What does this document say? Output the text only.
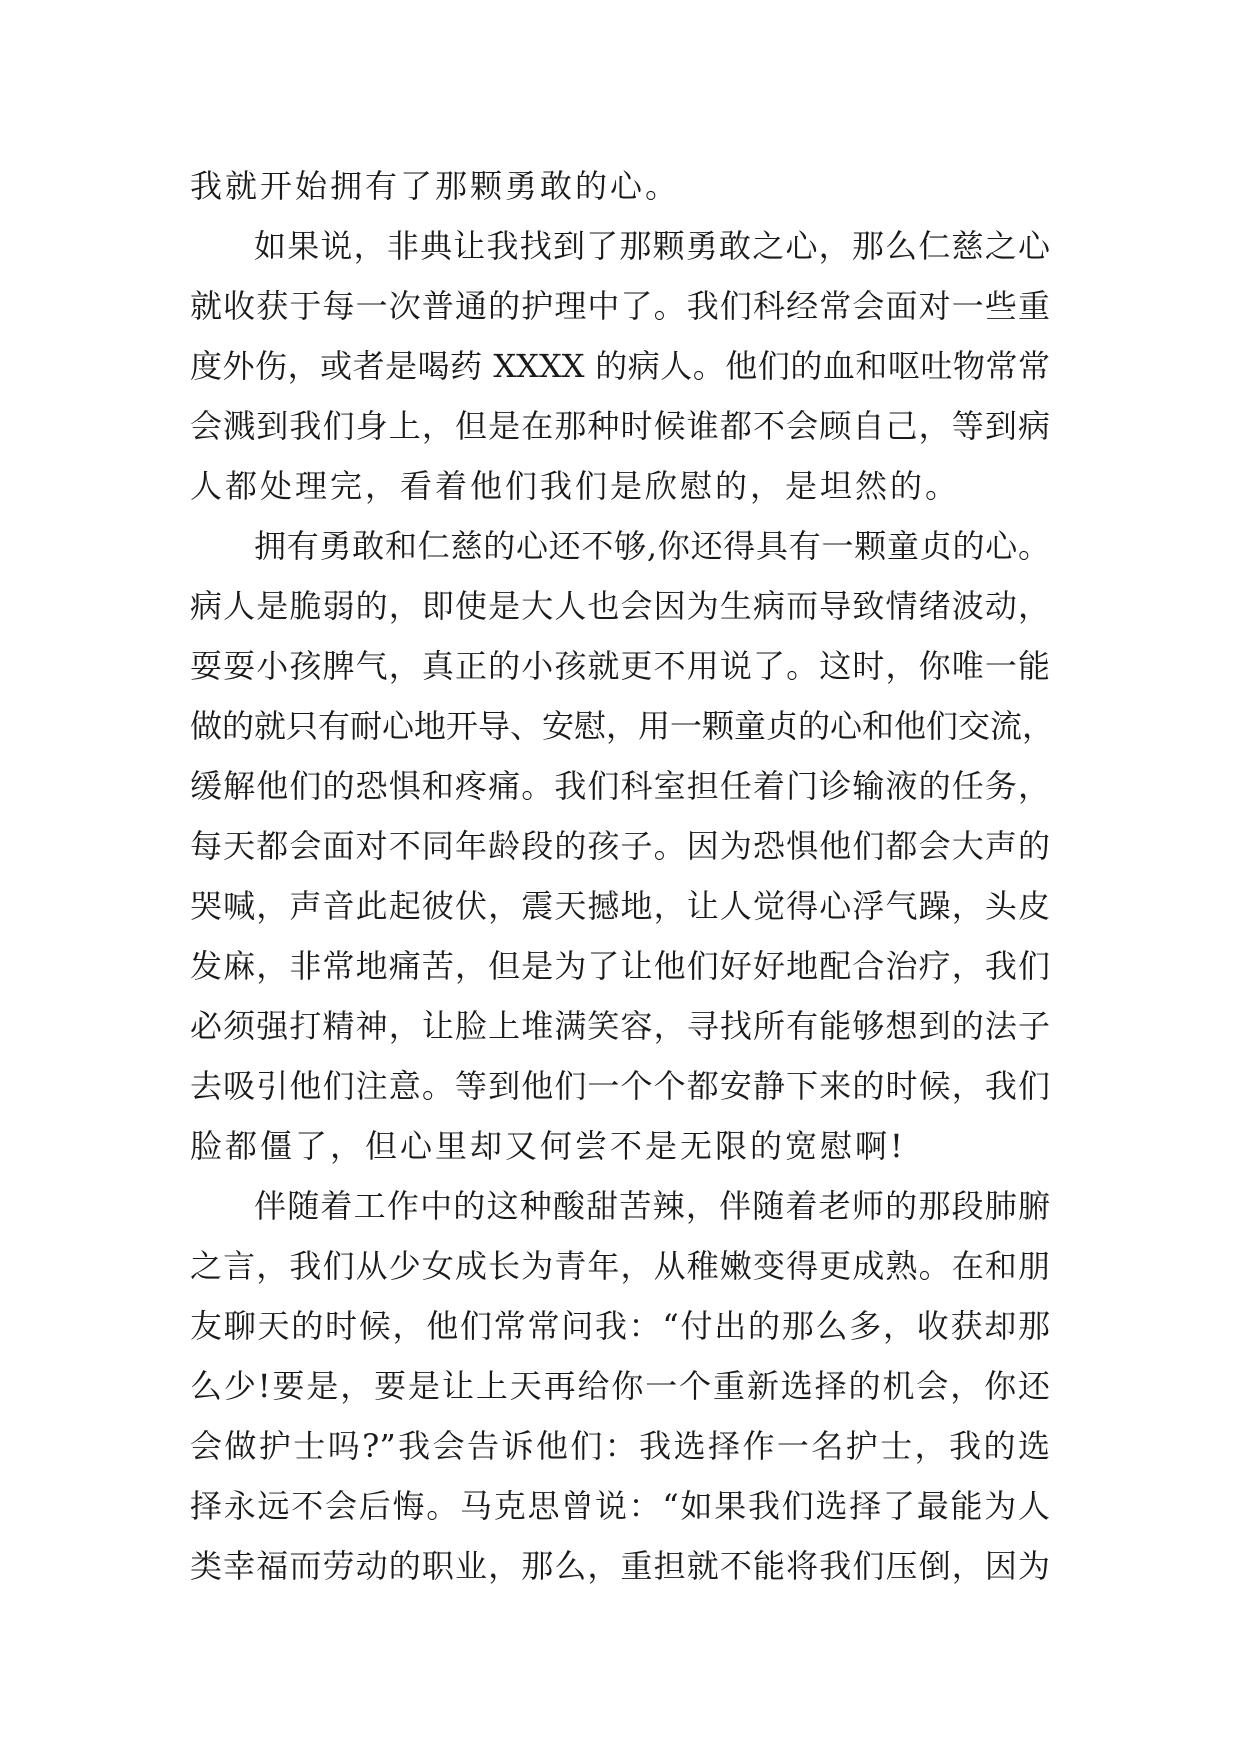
我就开始拥有了那颗勇敢的心。
如果说，非典让我找到了那颗勇敢之心，那么仁慈之心
就收获于每一次普通的护理中了。我们科经常会面对一些重
度外伤，或者是喝药 XXXX 的病人。他们的血和呕吐物常常
会溅到我们身上，但是在那种时候谁都不会顾自己，等到病
人都处理完，看着他们我们是欣慰的，是坦然的。
拥有勇敢和仁慈的心还不够,你还得具有一颗童贞的心。
病人是脆弱的，即使是大人也会因为生病而导致情绪波动，
耍耍小孩脾气，真正的小孩就更不用说了。这时，你唯一能
做的就只有耐心地开导、安慰，用一颗童贞的心和他们交流，
缓解他们的恐惧和疼痛。我们科室担任着门诊输液的任务，
每天都会面对不同年龄段的孩子。因为恐惧他们都会大声的
哭喊，声音此起彼伏，震天撼地，让人觉得心浮气躁，头皮
发麻，非常地痛苦，但是为了让他们好好地配合治疗，我们
必须强打精神，让脸上堆满笑容，寻找所有能够想到的法子
去吸引他们注意。等到他们一个个都安静下来的时候，我们
脸都僵了，但心里却又何尝不是无限的宽慰啊!
伴随着工作中的这种酸甜苦辣，伴随着老师的那段肺腑
之言，我们从少女成长为青年，从稚嫩变得更成熟。在和朋
友聊天的时候，他们常常问我：“付出的那么多，收获却那
么少!要是，要是让上天再给你一个重新选择的机会，你还
会做护士吗?”我会告诉他们：我选择作一名护士，我的选
择永远不会后悔。马克思曾说：“如果我们选择了最能为人
类幸福而劳动的职业，那么，重担就不能将我们压倒，因为
